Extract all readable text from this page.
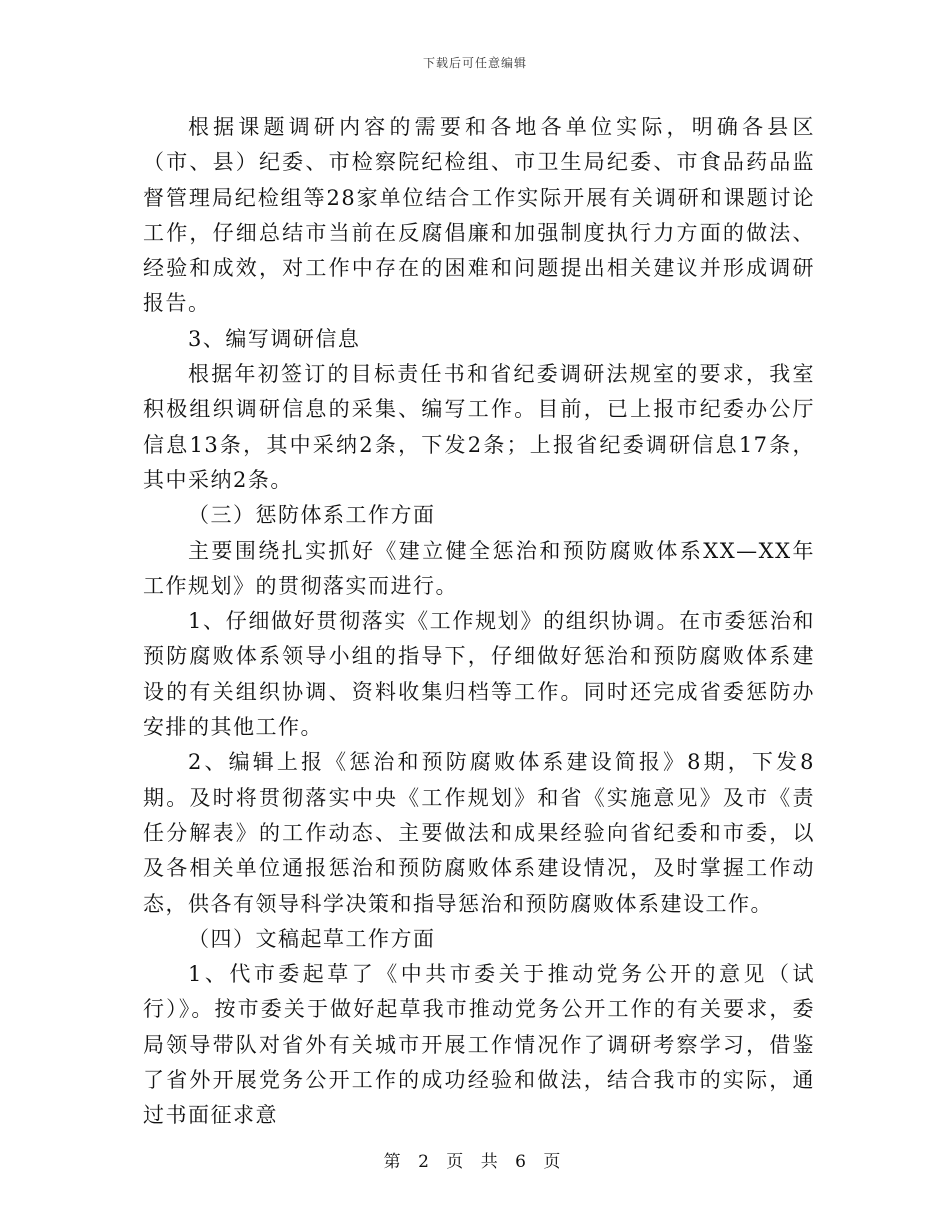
下载后可任意编辑

根据课题调研内容的需要和各地各单位实际，明确各县区（市、县）纪委、市检察院纪检组、市卫生局纪委、市食品药品监督管理局纪检组等28家单位结合工作实际开展有关调研和课题讨论工作，仔细总结市当前在反腐倡廉和加强制度执行力方面的做法、经验和成效，对工作中存在的困难和问题提出相关建议并形成调研报告。

3、编写调研信息

根据年初签订的目标责任书和省纪委调研法规室的要求，我室积极组织调研信息的采集、编写工作。目前，已上报市纪委办公厅信息13条，其中采纳2条，下发2条；上报省纪委调研信息17条，其中采纳2条。

（三）惩防体系工作方面

主要围绕扎实抓好《建立健全惩治和预防腐败体系XX—XX年工作规划》的贯彻落实而进行。

1、仔细做好贯彻落实《工作规划》的组织协调。在市委惩治和预防腐败体系领导小组的指导下，仔细做好惩治和预防腐败体系建设的有关组织协调、资料收集归档等工作。同时还完成省委惩防办安排的其他工作。

2、编辑上报《惩治和预防腐败体系建设简报》8期，下发8期。及时将贯彻落实中央《工作规划》和省《实施意见》及市《责任分解表》的工作动态、主要做法和成果经验向省纪委和市委，以及各相关单位通报惩治和预防腐败体系建设情况，及时掌握工作动态，供各有领导科学决策和指导惩治和预防腐败体系建设工作。

（四）文稿起草工作方面

1、代市委起草了《中共市委关于推动党务公开的意见（试行）》。按市委关于做好起草我市推动党务公开工作的有关要求，委局领导带队对省外有关城市开展工作情况作了调研考察学习，借鉴了省外开展党务公开工作的成功经验和做法，结合我市的实际，通过书面征求意

第 2 页 共 6 页
